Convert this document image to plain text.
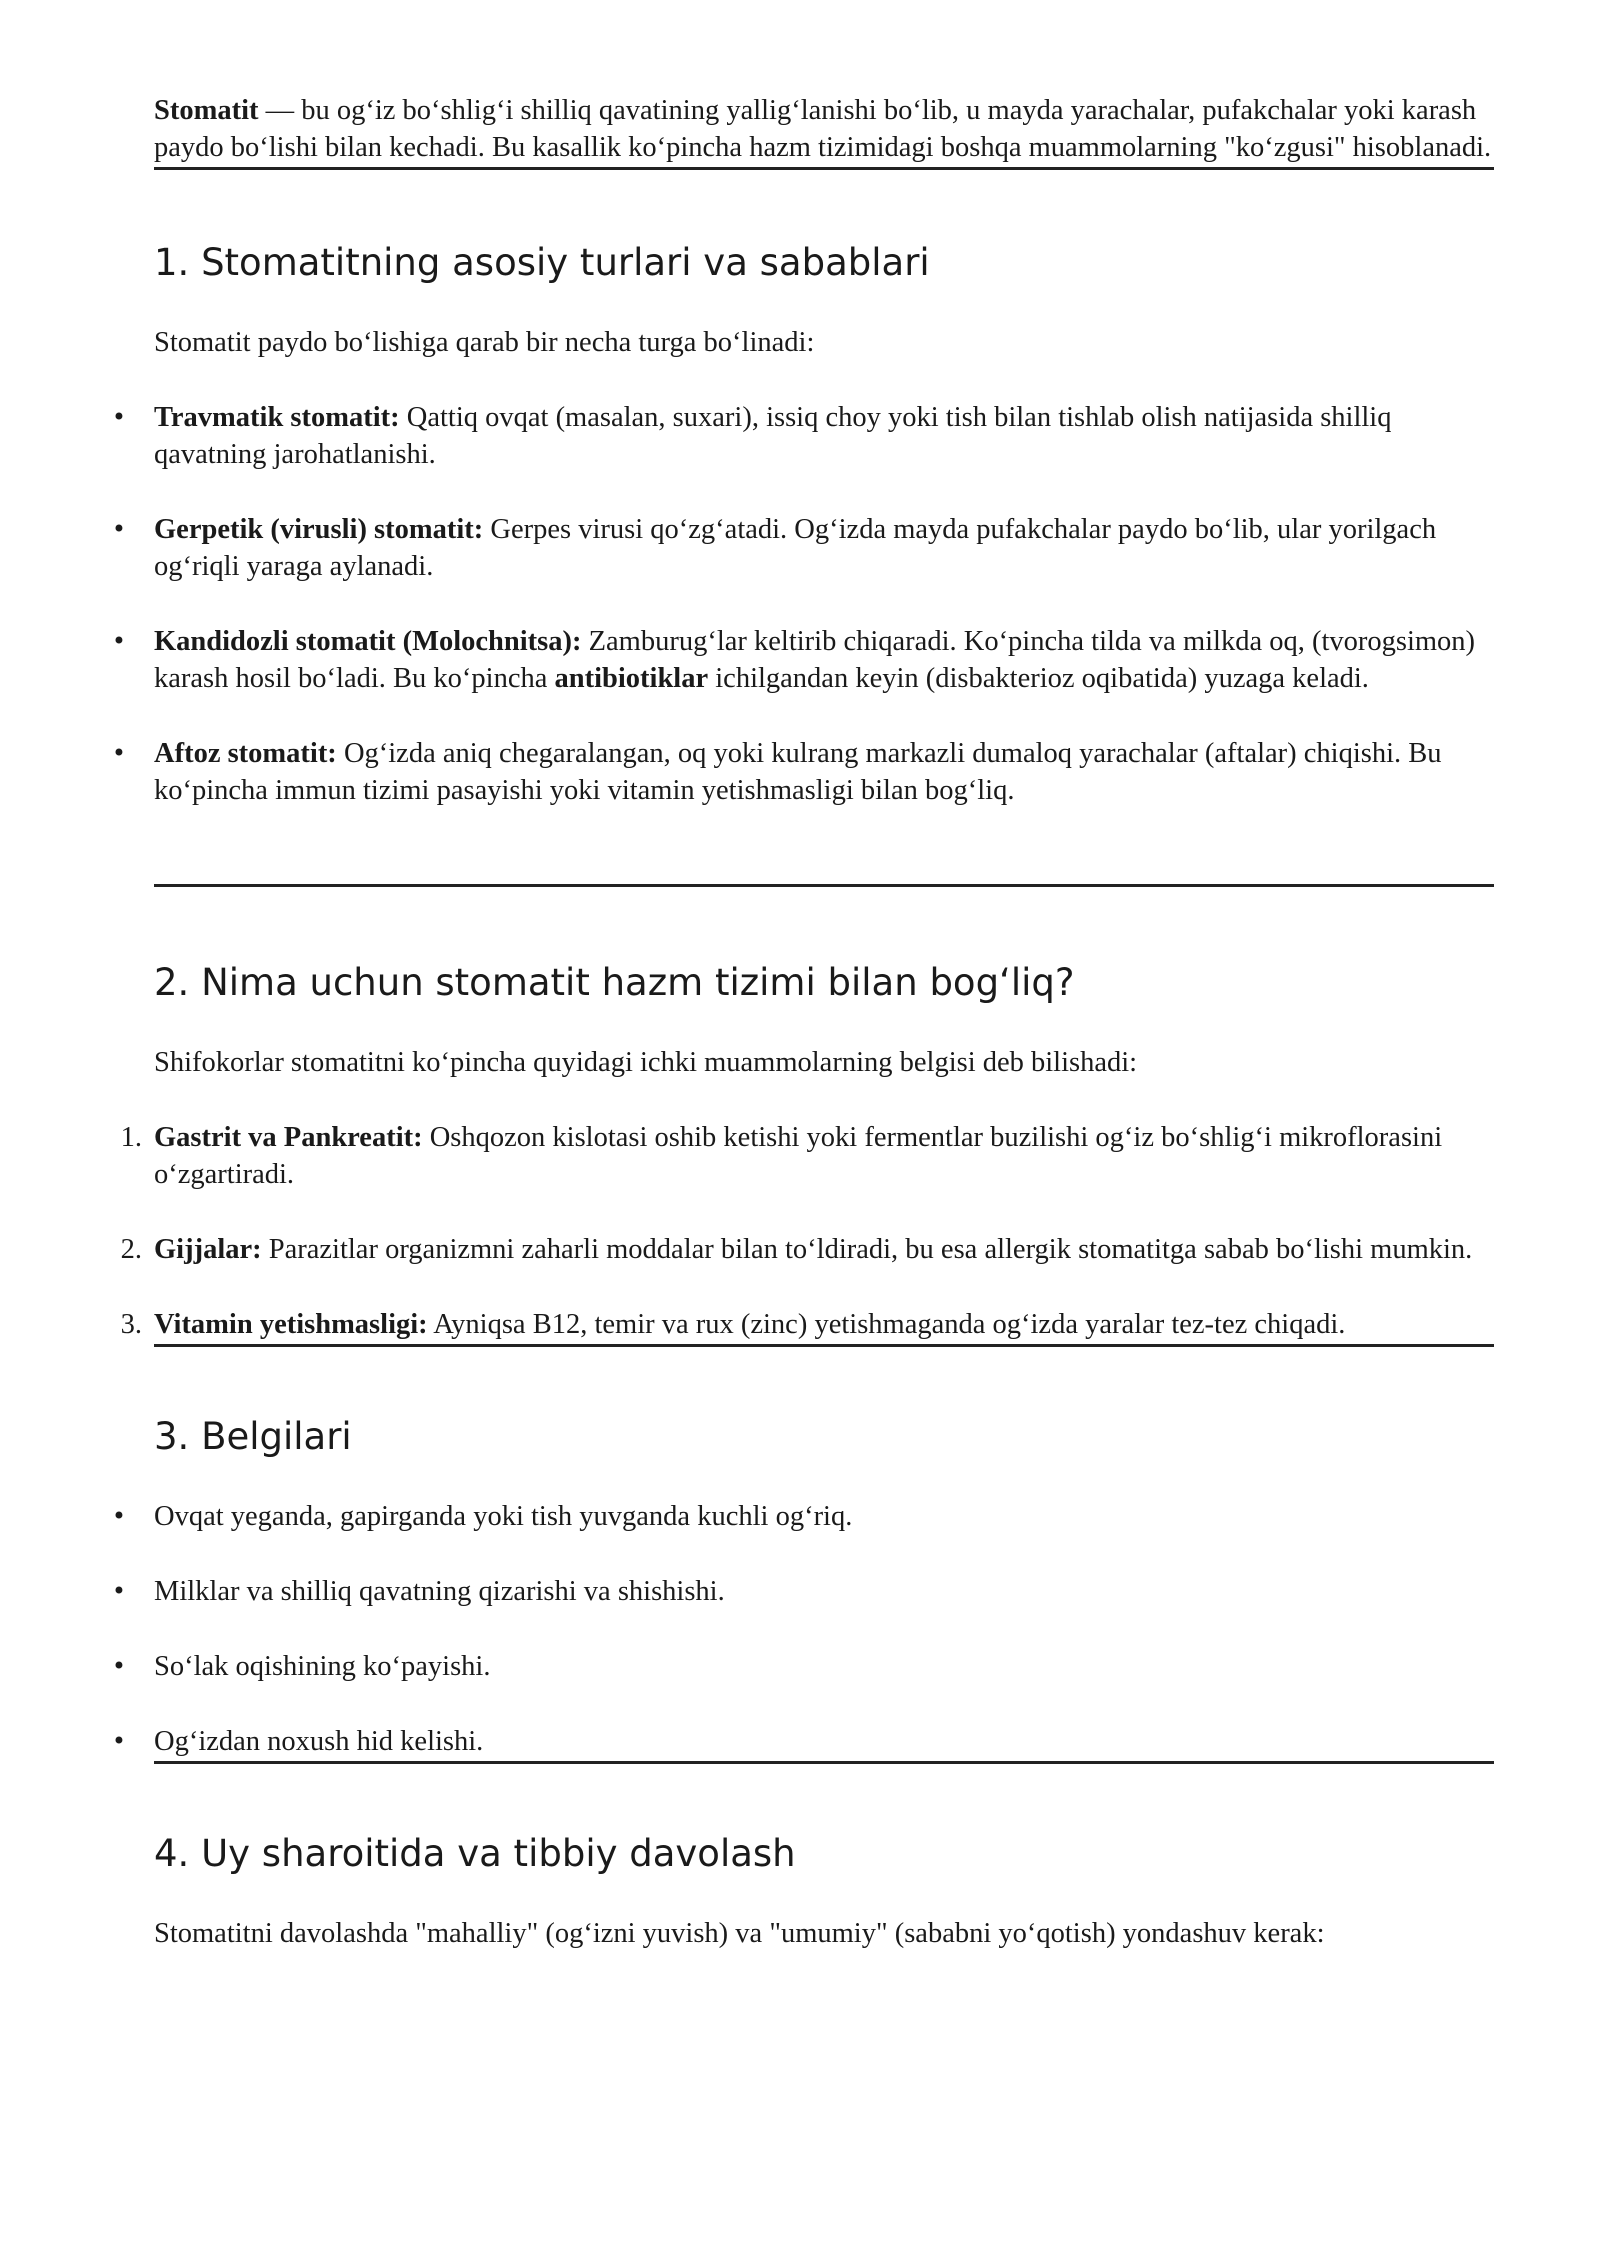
Stomatit — bu og‘iz bo‘shlig‘i shilliq qavatining yallig‘lanishi bo‘lib, u mayda yarachalar, pufakchalar yoki karash paydo bo‘lishi bilan kechadi. Bu kasallik ko‘pincha hazm tizimidagi boshqa muammolarning "ko‘zgusi" hisoblanadi.

1. Stomatitning asosiy turlari va sabablari

Stomatit paydo bo‘lishiga qarab bir necha turga bo‘linadi:

• Travmatik stomatit: Qattiq ovqat (masalan, suxari), issiq choy yoki tish bilan tishlab olish natijasida shilliq qavatning jarohatlanishi.
• Gerpetik (virusli) stomatit: Gerpes virusi qo‘zg‘atadi. Og‘izda mayda pufakchalar paydo bo‘lib, ular yorilgach og‘riqli yaraga aylanadi.
• Kandidozli stomatit (Molochnitsa): Zamburug‘lar keltirib chiqaradi. Ko‘pincha tilda va milkda oq, (tvorogsimon) karash hosil bo‘ladi. Bu ko‘pincha antibiotiklar ichilgandan keyin (disbakterioz oqibatida) yuzaga keladi.
• Aftoz stomatit: Og‘izda aniq chegaralangan, oq yoki kulrang markazli dumaloq yarachalar (aftalar) chiqishi. Bu ko‘pincha immun tizimi pasayishi yoki vitamin yetishmasligi bilan bog‘liq.
2. Nima uchun stomatit hazm tizimi bilan bog‘liq?

Shifokorlar stomatitni ko‘pincha quyidagi ichki muammolarning belgisi deb bilishadi:

1. Gastrit va Pankreatit: Oshqozon kislotasi oshib ketishi yoki fermentlar buzilishi og‘iz bo‘shlig‘i mikroflorasini o‘zgartiradi.
2. Gijjalar: Parazitlar organizmni zaharli moddalar bilan to‘ldiradi, bu esa allergik stomatitga sabab bo‘lishi mumkin.
3. Vitamin yetishmasligi: Ayniqsa B12, temir va rux (zinc) yetishmaganda og‘izda yaralar tez-tez chiqadi.
3. Belgilari
• Ovqat yeganda, gapirganda yoki tish yuvganda kuchli og‘riq.
• Milklar va shilliq qavatning qizarishi va shishishi.
• So‘lak oqishining ko‘payishi.
• Og‘izdan noxush hid kelishi.
4. Uy sharoitida va tibbiy davolash

Stomatitni davolashda "mahalliy" (og‘izni yuvish) va "umumiy" (sababni yo‘qotish) yondashuv kerak:
